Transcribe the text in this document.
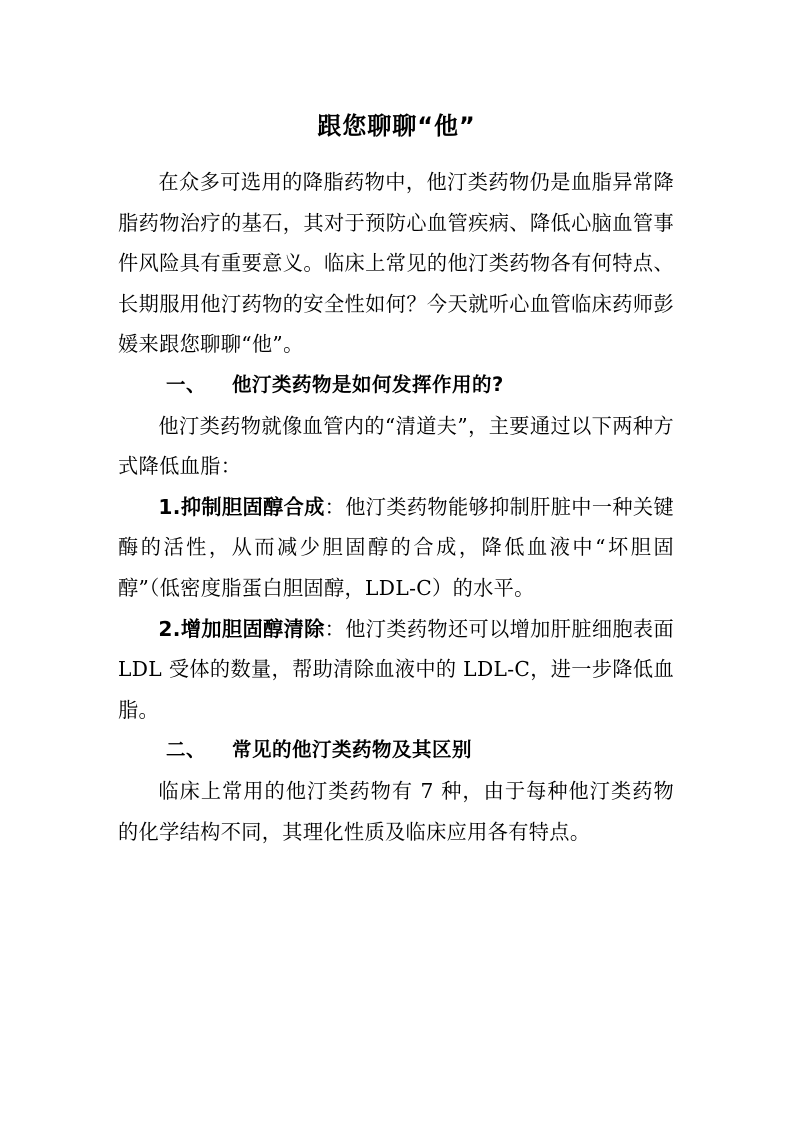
跟您聊聊“他”

在众多可选用的降脂药物中，他汀类药物仍是血脂异常降脂药物治疗的基石，其对于预防心血管疾病、降低心脑血管事件风险具有重要意义。临床上常见的他汀类药物各有何特点、长期服用他汀药物的安全性如何？今天就听心血管临床药师彭媛来跟您聊聊“他”。

一、 他汀类药物是如何发挥作用的?

他汀类药物就像血管内的“清道夫”，主要通过以下两种方式降低血脂：

1.抑制胆固醇合成：他汀类药物能够抑制肝脏中一种关键酶的活性，从而减少胆固醇的合成，降低血液中“坏胆固醇”（低密度脂蛋白胆固醇，LDL-C）的水平。

2.增加胆固醇清除：他汀类药物还可以增加肝脏细胞表面 LDL 受体的数量，帮助清除血液中的 LDL-C，进一步降低血脂。

二、 常见的他汀类药物及其区别

临床上常用的他汀类药物有 7 种，由于每种他汀类药物的化学结构不同，其理化性质及临床应用各有特点。
